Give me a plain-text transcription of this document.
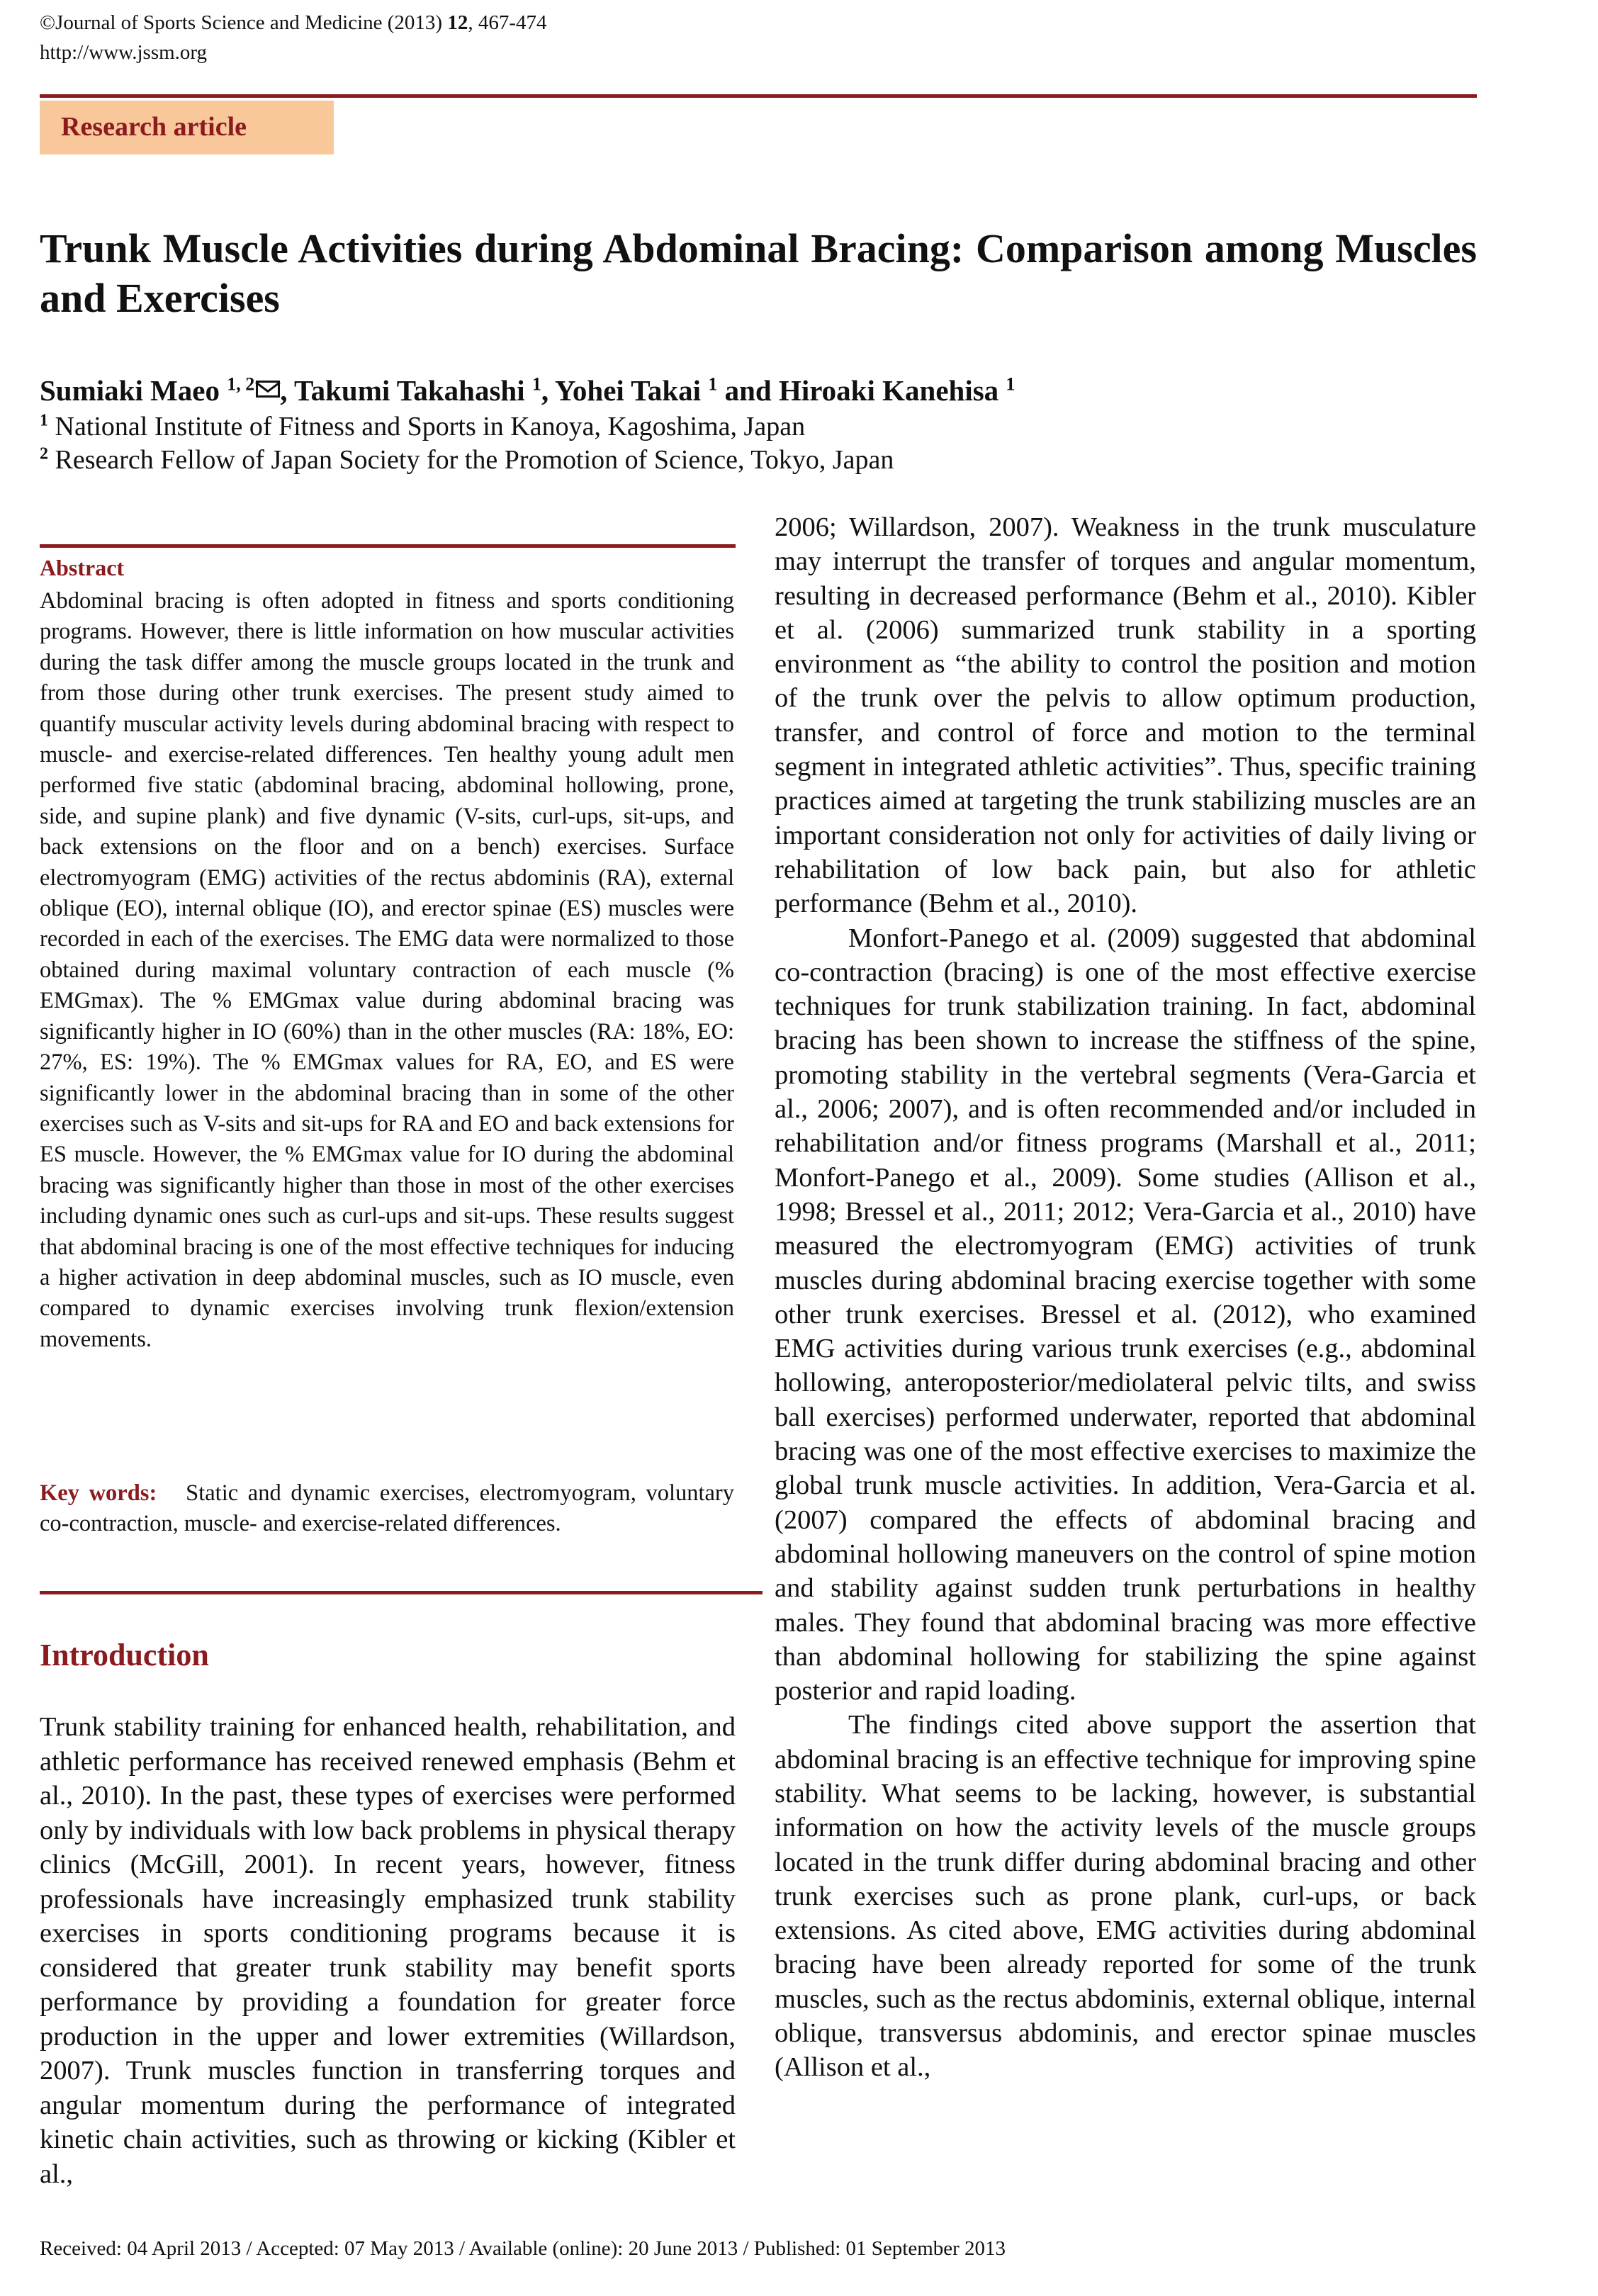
©Journal of Sports Science and Medicine (2013) 12, 467-474
http://www.jssm.org
Research article
Trunk Muscle Activities during Abdominal Bracing: Comparison among Muscles and Exercises
Sumiaki Maeo $^{1, 2}$ , Takumi Takahashi $^1$, Yohei Takai $^1$ and Hiroaki Kanehisa $^1$
$^1$ National Institute of Fitness and Sports in Kanoya, Kagoshima, Japan
$^2$ Research Fellow of Japan Society for the Promotion of Science, Tokyo, Japan
Abstract
Abdominal bracing is often adopted in fitness and sports conditioning programs. However, there is little information on how muscular activities during the task differ among the muscle groups located in the trunk and from those during other trunk exercises. The present study aimed to quantify muscular activity levels during abdominal bracing with respect to muscle- and exercise-related differences. Ten healthy young adult men performed five static (abdominal bracing, abdominal hollowing, prone, side, and supine plank) and five dynamic (V-sits, curl-ups, sit-ups, and back extensions on the floor and on a bench) exercises. Surface electromyogram (EMG) activities of the rectus abdominis (RA), external oblique (EO), internal oblique (IO), and erector spinae (ES) muscles were recorded in each of the exercises. The EMG data were normalized to those obtained during maximal voluntary contraction of each muscle (% EMGmax). The % EMGmax value during abdominal bracing was significantly higher in IO (60%) than in the other muscles (RA: 18%, EO: 27%, ES: 19%). The % EMGmax values for RA, EO, and ES were significantly lower in the abdominal bracing than in some of the other exercises such as V-sits and sit-ups for RA and EO and back extensions for ES muscle. However, the % EMGmax value for IO during the abdominal bracing was significantly higher than those in most of the other exercises including dynamic ones such as curl-ups and sit-ups. These results suggest that abdominal bracing is one of the most effective techniques for inducing a higher activation in deep abdominal muscles, such as IO muscle, even compared to dynamic exercises involving trunk flexion/extension movements.
Key words: Static and dynamic exercises, electromyogram, voluntary co-contraction, muscle- and exercise-related differences.
Introduction
Trunk stability training for enhanced health, rehabilitation, and athletic performance has received renewed emphasis (Behm et al., 2010). In the past, these types of exercises were performed only by individuals with low back problems in physical therapy clinics (McGill, 2001). In recent years, however, fitness professionals have increasingly emphasized trunk stability exercises in sports conditioning programs because it is considered that greater trunk stability may benefit sports performance by providing a foundation for greater force production in the upper and lower extremities (Willardson, 2007). Trunk muscles function in transferring torques and angular momentum during the performance of integrated kinetic chain activities, such as throwing or kicking (Kibler et al.,

2006; Willardson, 2007). Weakness in the trunk musculature may interrupt the transfer of torques and angular momentum, resulting in decreased performance (Behm et al., 2010). Kibler et al. (2006) summarized trunk stability in a sporting environment as “the ability to control the position and motion of the trunk over the pelvis to allow optimum production, transfer, and control of force and motion to the terminal segment in integrated athletic activities”. Thus, specific training practices aimed at targeting the trunk stabilizing muscles are an important consideration not only for activities of daily living or rehabilitation of low back pain, but also for athletic performance (Behm et al., 2010).

Monfort-Panego et al. (2009) suggested that abdominal co-contraction (bracing) is one of the most effective exercise techniques for trunk stabilization training. In fact, abdominal bracing has been shown to increase the stiffness of the spine, promoting stability in the vertebral segments (Vera-Garcia et al., 2006; 2007), and is often recommended and/or included in rehabilitation and/or fitness programs (Marshall et al., 2011; Monfort-Panego et al., 2009). Some studies (Allison et al., 1998; Bressel et al., 2011; 2012; Vera-Garcia et al., 2010) have measured the electromyogram (EMG) activities of trunk muscles during abdominal bracing exercise together with some other trunk exercises. Bressel et al. (2012), who examined EMG activities during various trunk exercises (e.g., abdominal hollowing, anteroposterior/mediolateral pelvic tilts, and swiss ball exercises) performed underwater, reported that abdominal bracing was one of the most effective exercises to maximize the global trunk muscle activities. In addition, Vera-Garcia et al. (2007) compared the effects of abdominal bracing and abdominal hollowing maneuvers on the control of spine motion and stability against sudden trunk perturbations in healthy males. They found that abdominal bracing was more effective than abdominal hollowing for stabilizing the spine against posterior and rapid loading.

The findings cited above support the assertion that abdominal bracing is an effective technique for improving spine stability. What seems to be lacking, however, is substantial information on how the activity levels of the muscle groups located in the trunk differ during abdominal bracing and other trunk exercises such as prone plank, curl-ups, or back extensions. As cited above, EMG activities during abdominal bracing have been already reported for some of the trunk muscles, such as the rectus abdominis, external oblique, internal oblique, transversus abdominis, and erector spinae muscles (Allison et al.,

Received: 04 April 2013 / Accepted: 07 May 2013 / Available (online): 20 June 2013 / Published: 01 September 2013
